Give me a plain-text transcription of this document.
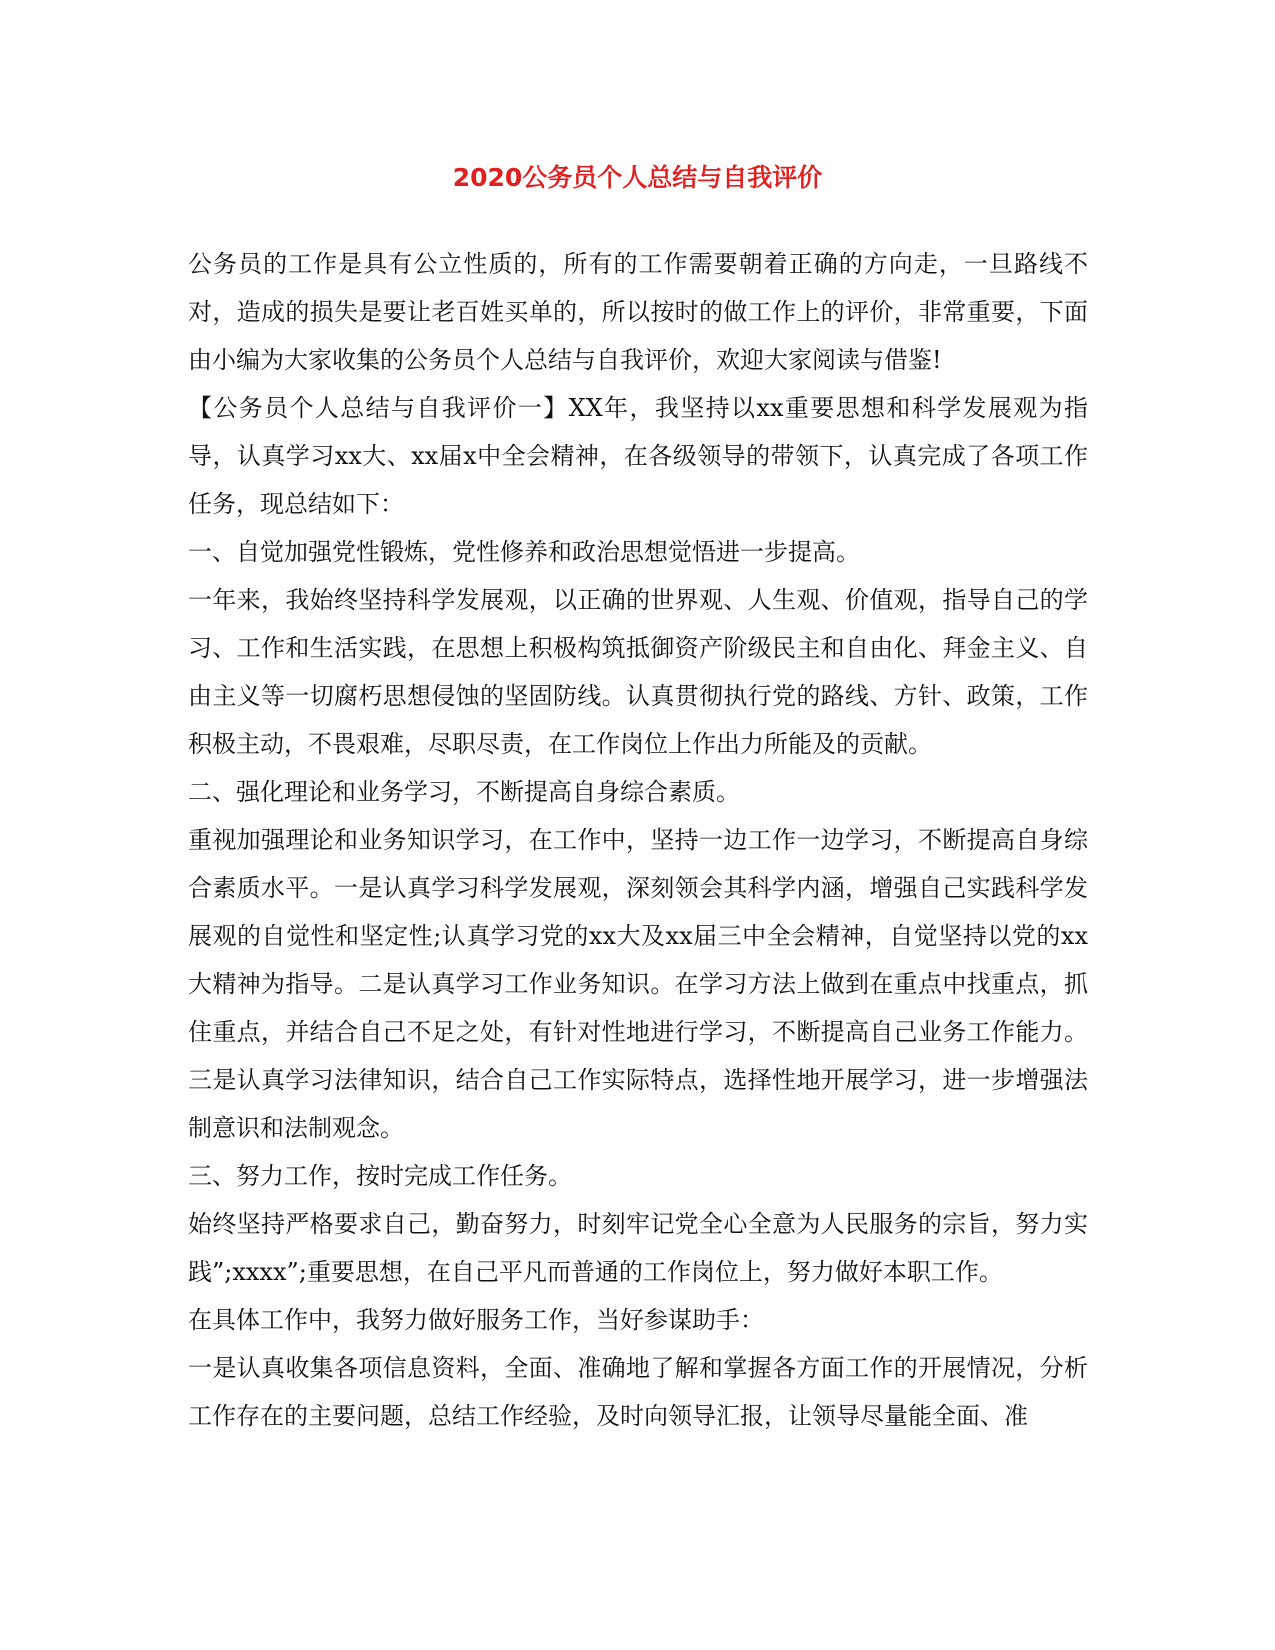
2020公务员个人总结与自我评价

公务员的工作是具有公立性质的，所有的工作需要朝着正确的方向走，一旦路线不对，造成的损失是要让老百姓买单的，所以按时的做工作上的评价，非常重要，下面由小编为大家收集的公务员个人总结与自我评价，欢迎大家阅读与借鉴!

【公务员个人总结与自我评价一】XX年，我坚持以xx重要思想和科学发展观为指导，认真学习xx大、xx届x中全会精神，在各级领导的带领下，认真完成了各项工作任务，现总结如下：

一、自觉加强党性锻炼，党性修养和政治思想觉悟进一步提高。

一年来，我始终坚持科学发展观，以正确的世界观、人生观、价值观，指导自己的学习、工作和生活实践，在思想上积极构筑抵御资产阶级民主和自由化、拜金主义、自由主义等一切腐朽思想侵蚀的坚固防线。认真贯彻执行党的路线、方针、政策，工作积极主动，不畏艰难，尽职尽责，在工作岗位上作出力所能及的贡献。

二、强化理论和业务学习，不断提高自身综合素质。

重视加强理论和业务知识学习，在工作中，坚持一边工作一边学习，不断提高自身综合素质水平。一是认真学习科学发展观，深刻领会其科学内涵，增强自己实践科学发展观的自觉性和坚定性;认真学习党的xx大及xx届三中全会精神，自觉坚持以党的xx大精神为指导。二是认真学习工作业务知识。在学习方法上做到在重点中找重点，抓住重点，并结合自己不足之处，有针对性地进行学习，不断提高自己业务工作能力。三是认真学习法律知识，结合自己工作实际特点，选择性地开展学习，进一步增强法制意识和法制观念。

三、努力工作，按时完成工作任务。

始终坚持严格要求自己，勤奋努力，时刻牢记党全心全意为人民服务的宗旨，努力实践”;xxxx”;重要思想，在自己平凡而普通的工作岗位上，努力做好本职工作。

在具体工作中，我努力做好服务工作，当好参谋助手：

一是认真收集各项信息资料，全面、准确地了解和掌握各方面工作的开展情况，分析工作存在的主要问题，总结工作经验，及时向领导汇报，让领导尽量能全面、准
